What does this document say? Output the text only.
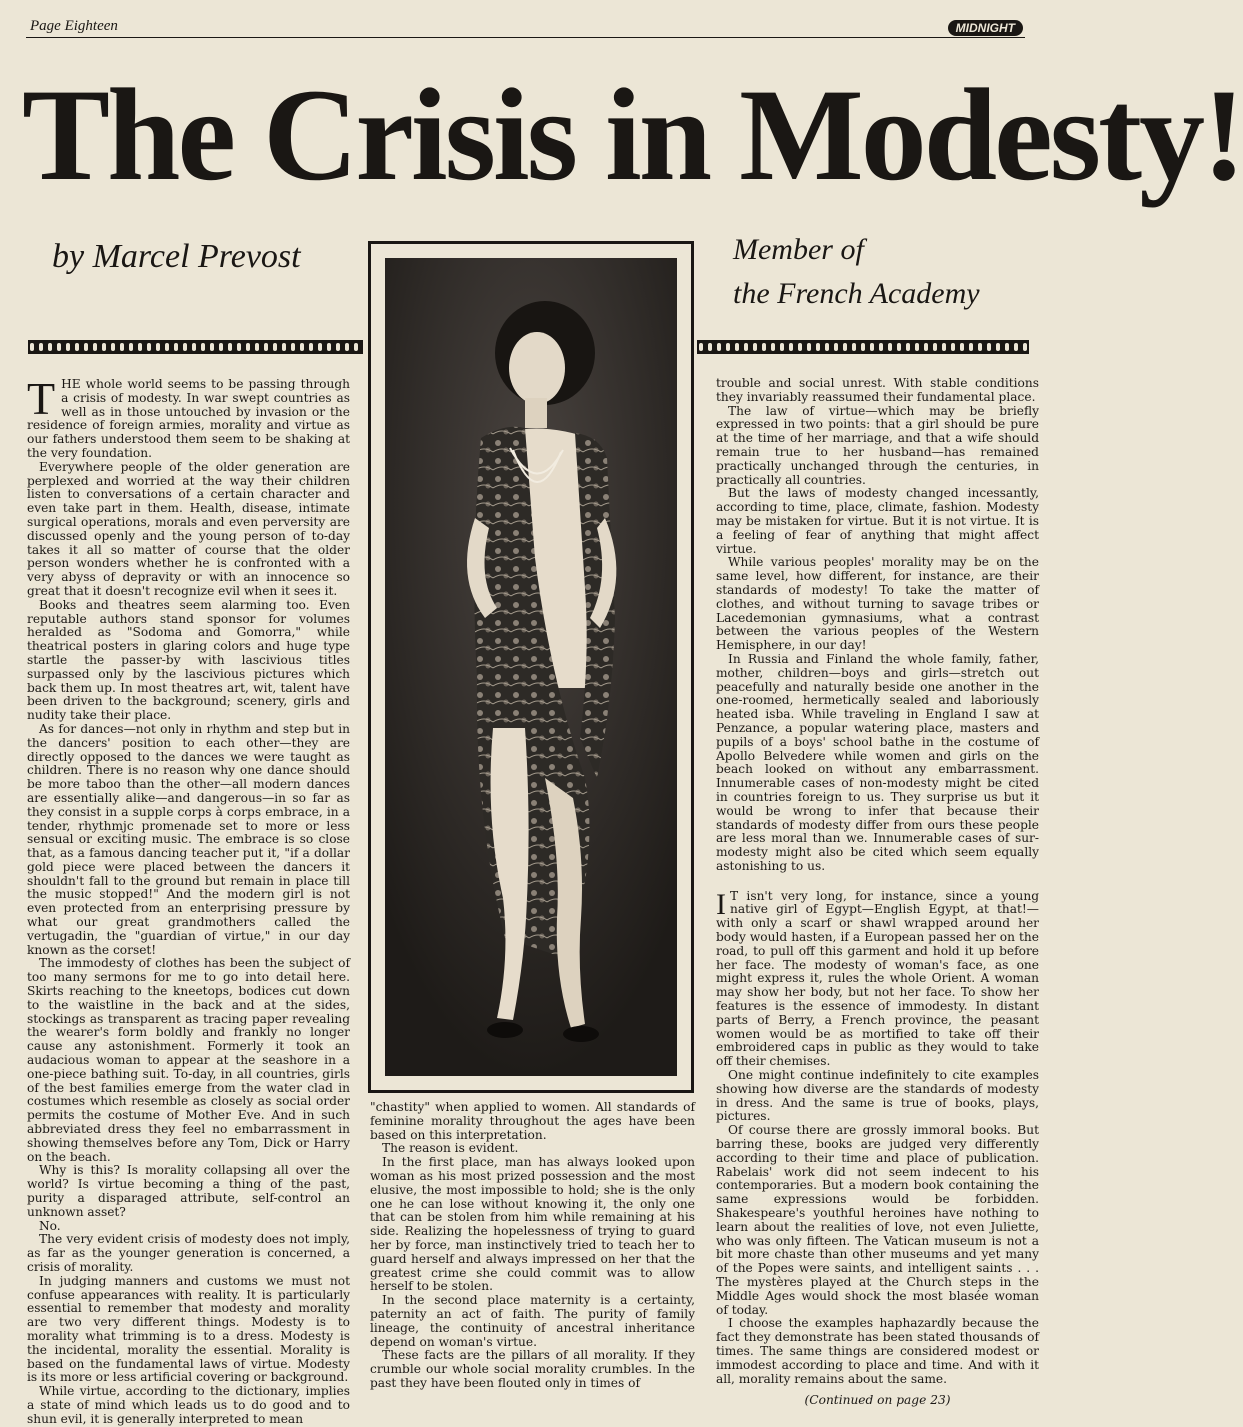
Page Eighteen	MIDNIGHT
The Crisis in Modesty!
by Marcel Prevost	Member of
the French Academy

THE whole world seems to be passing through a crisis of modesty. In war swept countries as well as in those untouched by invasion or the residence of foreign armies, morality and virtue as our fathers understood them seem to be shaking at the very foundation.

Everywhere people of the older generation are perplexed and worried at the way their children listen to conversations of a certain character and even take part in them. Health, disease, intimate surgical operations, morals and even perversity are discussed openly and the young person of to-day takes it all so matter of course that the older person wonders whether he is confronted with a very abyss of depravity or with an innocence so great that it doesn't recognize evil when it sees it.

Books and theatres seem alarming too. Even reputable authors stand sponsor for volumes heralded as "Sodoma and Gomorra," while theatrical posters in glaring colors and huge type startle the passer-by with lascivious titles surpassed only by the lascivious pictures which back them up. In most theatres art, wit, talent have been driven to the background; scenery, girls and nudity take their place.

As for dances—not only in rhythm and step but in the dancers' position to each other—they are directly opposed to the dances we were taught as children. There is no reason why one dance should be more taboo than the other—all modern dances are essentially alike—and dangerous—in so far as they consist in a supple corps à corps embrace, in a tender, rhythmjc promenade set to more or less sensual or exciting music. The embrace is so close that, as a famous dancing teacher put it, "if a dollar gold piece were placed between the dancers it shouldn't fall to the ground but remain in place till the music stopped!" And the modern girl is not even protected from an enterprising pressure by what our great grandmothers called the vertugadin, the "guardian of virtue," in our day known as the corset!

The immodesty of clothes has been the subject of too many sermons for me to go into detail here. Skirts reaching to the kneetops, bodices cut down to the waistline in the back and at the sides, stockings as transparent as tracing paper revealing the wearer's form boldly and frankly no longer cause any astonishment. Formerly it took an audacious woman to appear at the seashore in a one-piece bathing suit. To-day, in all countries, girls of the best families emerge from the water clad in costumes which resemble as closely as social order permits the costume of Mother Eve. And in such abbreviated dress they feel no embarrassment in showing themselves before any Tom, Dick or Harry on the beach.

Why is this? Is morality collapsing all over the world? Is virtue becoming a thing of the past, purity a disparaged attribute, self-control an unknown asset?

No.

The very evident crisis of modesty does not imply, as far as the younger generation is concerned, a crisis of morality.

In judging manners and customs we must not confuse appearances with reality. It is particularly essential to remember that modesty and morality are two very different things. Modesty is to morality what trimming is to a dress. Modesty is the incidental, morality the essential. Morality is based on the fundamental laws of virtue. Modesty is its more or less artificial covering or background.

While virtue, according to the dictionary, implies a state of mind which leads us to do good and to shun evil, it is generally interpreted to mean

"chastity" when applied to women. All standards of feminine morality throughout the ages have been based on this interpretation.

The reason is evident.

In the first place, man has always looked upon woman as his most prized possession and the most elusive, the most impossible to hold; she is the only one he can lose without knowing it, the only one that can be stolen from him while remaining at his side. Realizing the hopelessness of trying to guard her by force, man instinctively tried to teach her to guard herself and always impressed on her that the greatest crime she could commit was to allow herself to be stolen.

In the second place maternity is a certainty, paternity an act of faith. The purity of family lineage, the continuity of ancestral inheritance depend on woman's virtue.

These facts are the pillars of all morality. If they crumble our whole social morality crumbles. In the past they have been flouted only in times of

trouble and social unrest. With stable conditions they invariably reassumed their fundamental place.

The law of virtue—which may be briefly expressed in two points: that a girl should be pure at the time of her marriage, and that a wife should remain true to her husband—has remained practically unchanged through the centuries, in practically all countries.

But the laws of modesty changed incessantly, according to time, place, climate, fashion. Modesty may be mistaken for virtue. But it is not virtue. It is a feeling of fear of anything that might affect virtue.

While various peoples' morality may be on the same level, how different, for instance, are their standards of modesty! To take the matter of clothes, and without turning to savage tribes or Lacedemonian gymnasiums, what a contrast between the various peoples of the Western Hemisphere, in our day!

In Russia and Finland the whole family, father, mother, children—boys and girls—stretch out peacefully and naturally beside one another in the one-roomed, hermetically sealed and laboriously heated isba. While traveling in England I saw at Penzance, a popular watering place, masters and pupils of a boys' school bathe in the costume of Apollo Belvedere while women and girls on the beach looked on without any embarrassment. Innumerable cases of non-modesty might be cited in countries foreign to us. They surprise us but it would be wrong to infer that because their standards of modesty differ from ours these people are less moral than we. Innumerable cases of sur-modesty might also be cited which seem equally astonishing to us.

I T isn't very long, for instance, since a young native girl of Egypt—English Egypt, at that!—with only a scarf or shawl wrapped around her body would hasten, if a European passed her on the road, to pull off this garment and hold it up before her face. The modesty of woman's face, as one might express it, rules the whole Orient. A woman may show her body, but not her face. To show her features is the essence of immodesty. In distant parts of Berry, a French province, the peasant women would be as mortified to take off their embroidered caps in public as they would to take off their chemises.

One might continue indefinitely to cite examples showing how diverse are the standards of modesty in dress. And the same is true of books, plays, pictures.

Of course there are grossly immoral books. But barring these, books are judged very differently according to their time and place of publication. Rabelais' work did not seem indecent to his contemporaries. But a modern book containing the same expressions would be forbidden. Shakespeare's youthful heroines have nothing to learn about the realities of love, not even Juliette, who was only fifteen. The Vatican museum is not a bit more chaste than other museums and yet many of the Popes were saints, and intelligent saints . . . The mystères played at the Church steps in the Middle Ages would shock the most blasée woman of today.

I choose the examples haphazardly because the fact they demonstrate has been stated thousands of times. The same things are considered modest or immodest according to place and time. And with it all, morality remains about the same.

(Continued on page 23)
